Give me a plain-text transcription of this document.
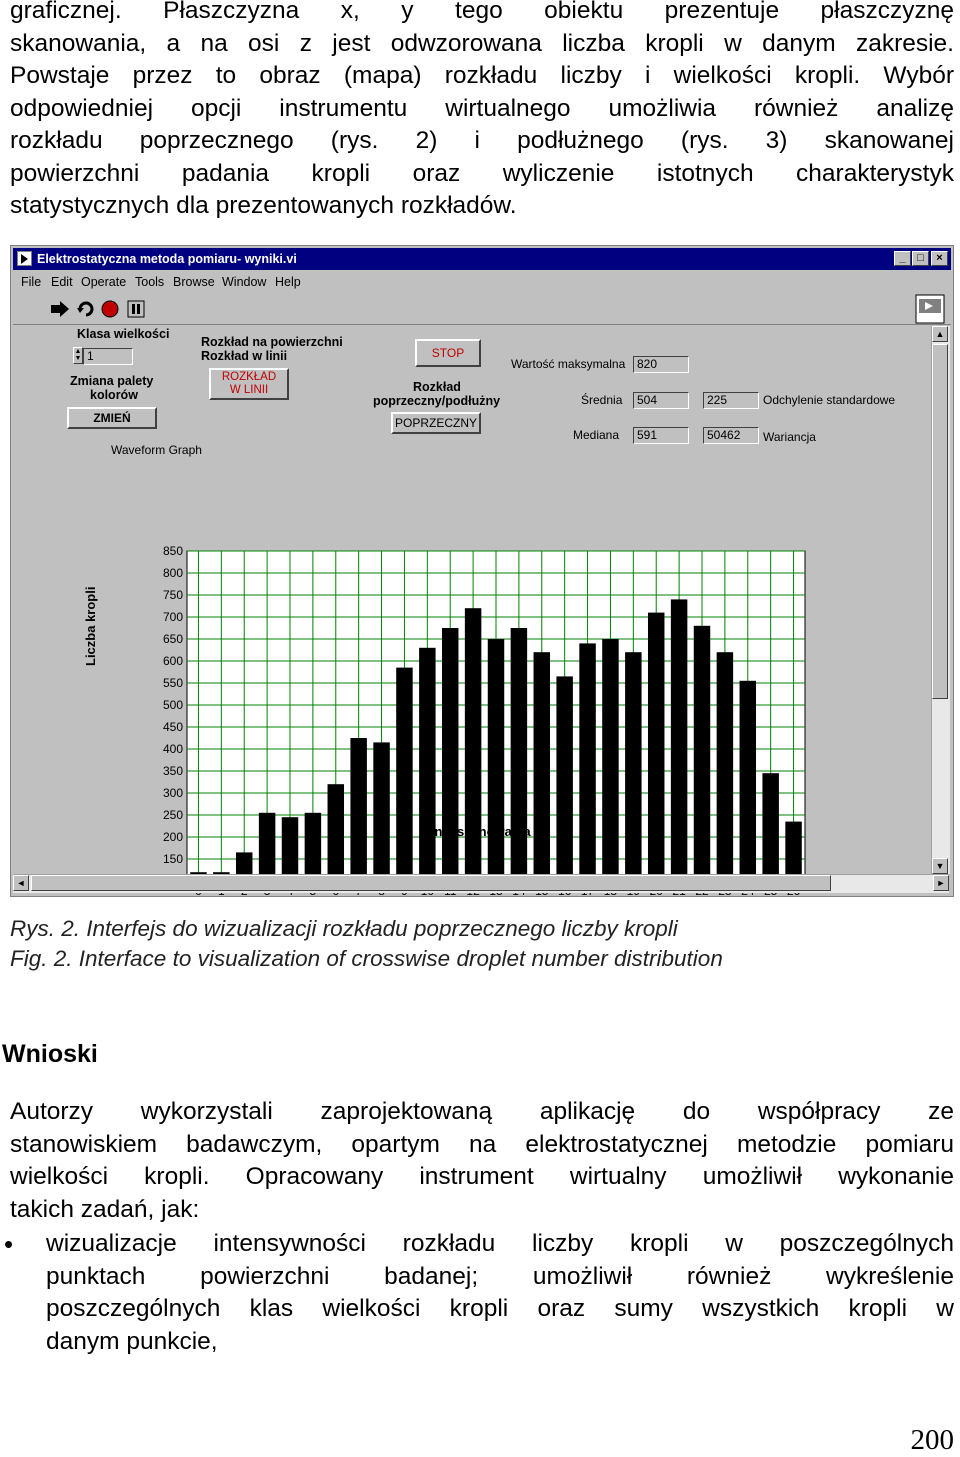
graficznej. Płaszczyzna x, y tego obiektu prezentuje płaszczyznę
skanowania, a na osi z jest odwzorowana liczba kropli w danym zakresie.
Powstaje przez to obraz (mapa) rozkładu liczby i wielkości kropli. Wybór
odpowiedniej opcji instrumentu wirtualnego umożliwia również analizę
rozkładu poprzecznego (rys. 2) i podłużnego (rys. 3) skanowanej
powierzchni padania kropli oraz wyliczenie istotnych charakterystyk
statystycznych dla prezentowanych rozkładów.
Elektrostatyczna metoda pomiaru- wyniki.vi	_	□	×
File Edit Operate Tools Browse Window Help
Klasa wielkości
▲
▼ 1
Zmiana palety
kolorów
ZMIEŃ
Rozkład na powierzchni
Rozkład w linii
ROZKŁAD
W LINII
STOP
Rozkład
poprzeczny/podłużny
POPRZECZNY
Wartość maksymalna 820
Średnia	504	225	Odchylenie standardowe
Mediana	591	50462	Wariancja
Waveform Graph
150
200
250
300
350
400
450
500
550
600
650
700
750
800
850
Linia skanowania
Liczba kropli
▲
▼
◄	►
Rys. 2. Interfejs do wizualizacji rozkładu poprzecznego liczby kropli
Fig. 2. Interface to visualization of crosswise droplet number distribution
Wnioski
Autorzy wykorzystali zaprojektowaną aplikację do współpracy ze
stanowiskiem badawczym, opartym na elektrostatycznej metodzie pomiaru
wielkości kropli. Opracowany instrument wirtualny umożliwił wykonanie
takich zadań, jak:
• wizualizacje intensywności rozkładu liczby kropli w poszczególnych
punktach powierzchni badanej; umożliwił również wykreślenie
poszczególnych klas wielkości kropli oraz sumy wszystkich kropli w
danym punkcie,
200
